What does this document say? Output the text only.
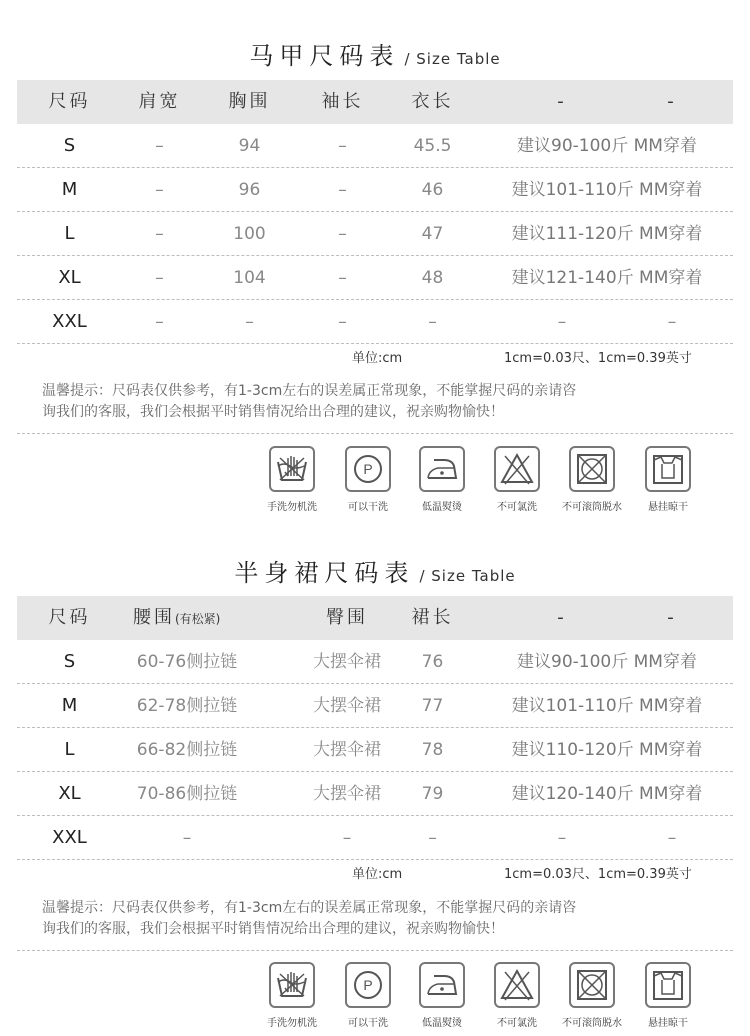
马甲尺码表 / Size Table
尺码	肩宽	胸围	袖长	衣长	-	-
S	–	94	–	45.5	建议90-100斤 MM穿着
M	–	96	–	46	建议101-110斤 MM穿着
L	–	100	–	47	建议111-120斤 MM穿着
XL	–	104	–	48	建议121-140斤 MM穿着
XXL	–	–	–	–	–	–
单位:cm	1cm=0.03尺、1cm=0.39英寸
温馨提示：尺码表仅供参考，有1-3cm左右的误差属正常现象，不能掌握尺码的亲请咨
询我们的客服，我们会根据平时销售情况给出合理的建议，祝亲购物愉快！
手洗勿机洗
P
可以干洗	低温熨烫	不可氯洗	不可滚筒脱水	悬挂晾干
半身裙尺码表 / Size Table
尺码	腰围(有松紧)	臀围	裙长	-	-
S	60-76侧拉链	大摆伞裙	76	建议90-100斤 MM穿着
M	62-78侧拉链	大摆伞裙	77	建议101-110斤 MM穿着
L	66-82侧拉链	大摆伞裙	78	建议110-120斤 MM穿着
XL	70-86侧拉链	大摆伞裙	79	建议120-140斤 MM穿着
XXL	–	–	–	–	–
单位:cm	1cm=0.03尺、1cm=0.39英寸
温馨提示：尺码表仅供参考，有1-3cm左右的误差属正常现象，不能掌握尺码的亲请咨
询我们的客服，我们会根据平时销售情况给出合理的建议，祝亲购物愉快！
手洗勿机洗
P
可以干洗	低温熨烫	不可氯洗	不可滚筒脱水	悬挂晾干
